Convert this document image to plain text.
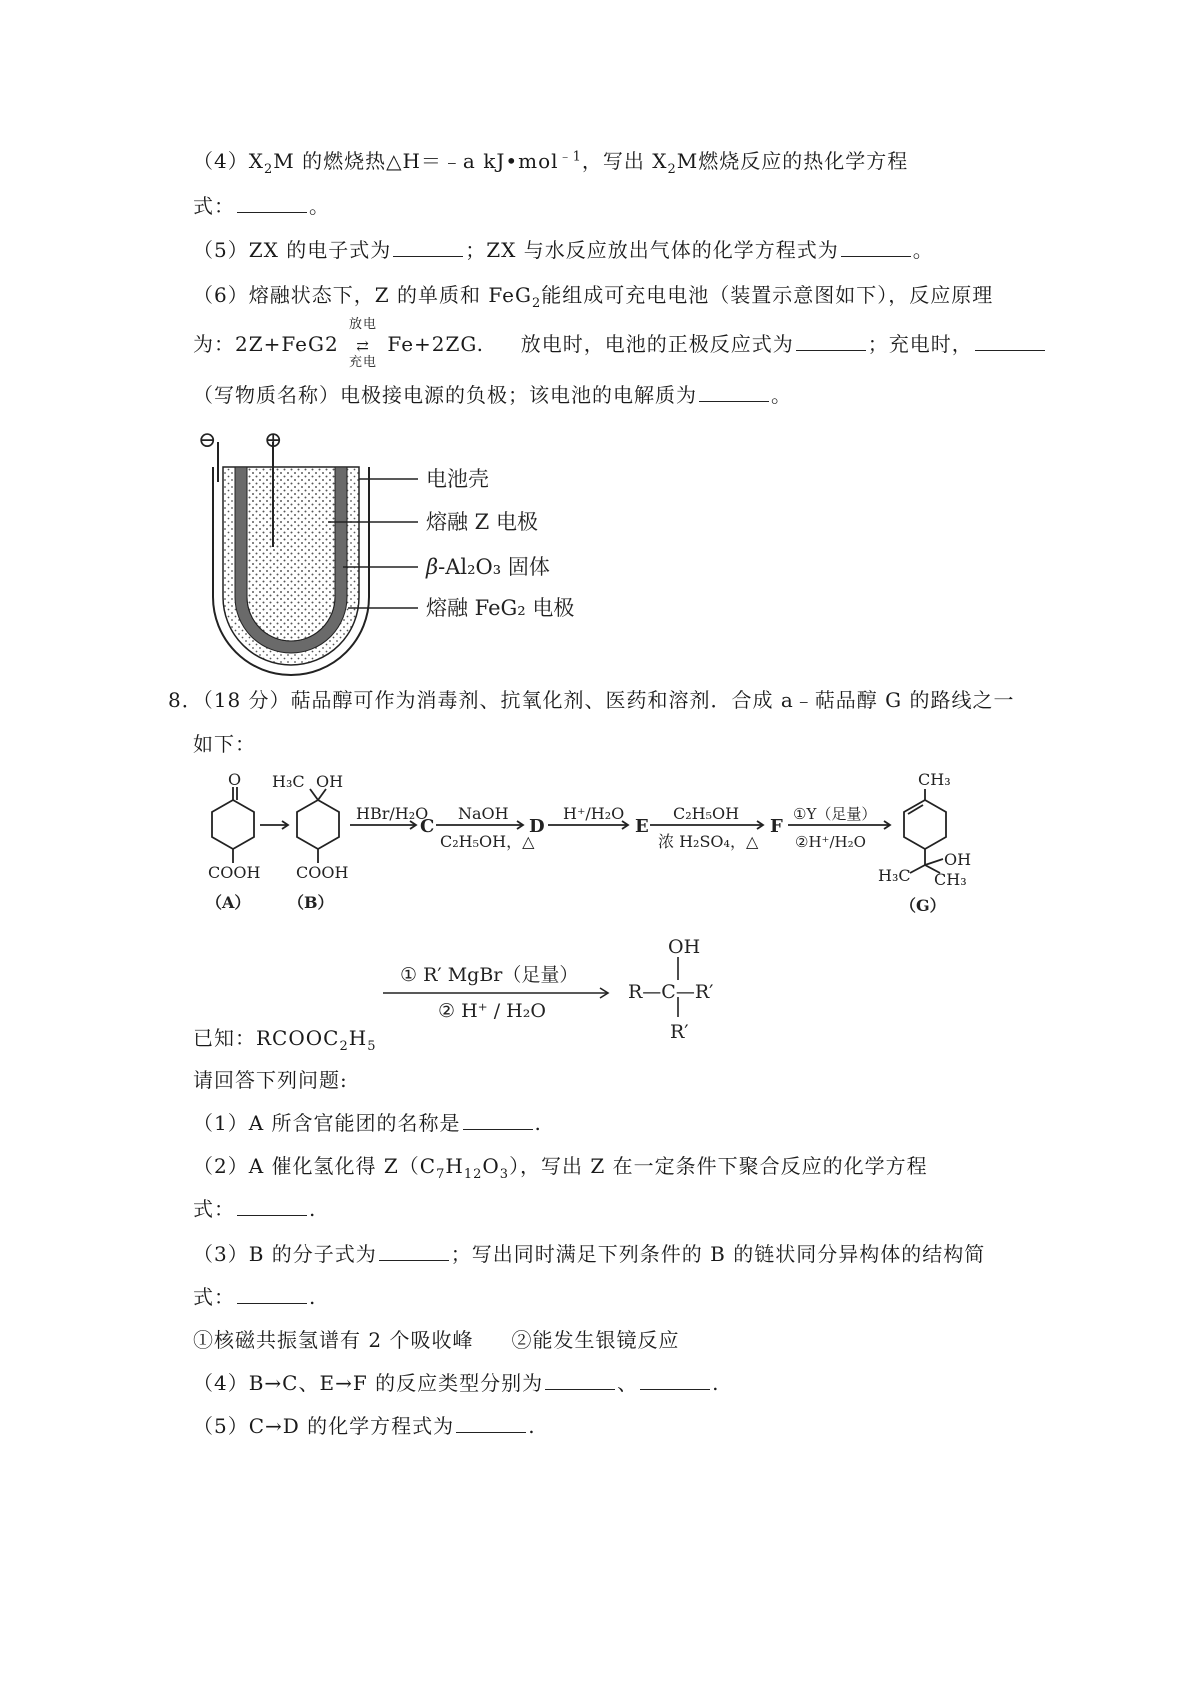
$(4)X_2M$ 的燃烧热△H＝﹣a kJ•mol$^{﹣1}$，写出 $X_2M$燃烧反应的热化学方程
式：	。
（5）ZX 的电子式为	；ZX 与水反应放出气体的化学方程式为	。
（6）熔融状态下，Z 的单质和 FeG$_2$能组成可充电电池（装置示意图如下），反应原理
为：2Z+FeG2
放电
⇄
充电
Fe+2ZG. 放电时，电池的正极反应式为	；充电时，
（写物质名称）电极接电源的负极；该电池的电解质为	。
⊖ ⊕
电池壳
熔融 Z 电极
β-Al₂O₃ 固体
熔融 FeG₂ 电极
8．（18 分）萜品醇可作为消毒剂、抗氧化剂、医药和溶剂．合成 a﹣萜品醇 G 的路线之一
如下：
O
COOH
（A）
H₃C OH
COOH
（B）
HBr/H₂O
C
NaOH
C₂H₅OH，△
D
H⁺/H₂O
E
C₂H₅OH
浓 H₂SO₄，△
F
①Y（足量）
②H⁺/H₂O
CH₃
OH
H₃C CH₃
（G）
① R′ MgBr（足量）
② H⁺ / H₂O
OH
R—C—R′
R′
已知：$RCOOC_2H_5$
请回答下列问题:
（1）A 所含官能团的名称是	.
（2）A 催化氢化得 $Z(C_7H_{12}O_3)$，写出 Z 在一定条件下聚合反应的化学方程
式：	.
（3）B 的分子式为	；写出同时满足下列条件的 B 的链状同分异构体的结构简
式：	.
①核磁共振氢谱有 2 个吸收峰 ②能发生银镜反应
（4）B→C、E→F 的反应类型分别为	、	.
（5）C→D 的化学方程式为	.
